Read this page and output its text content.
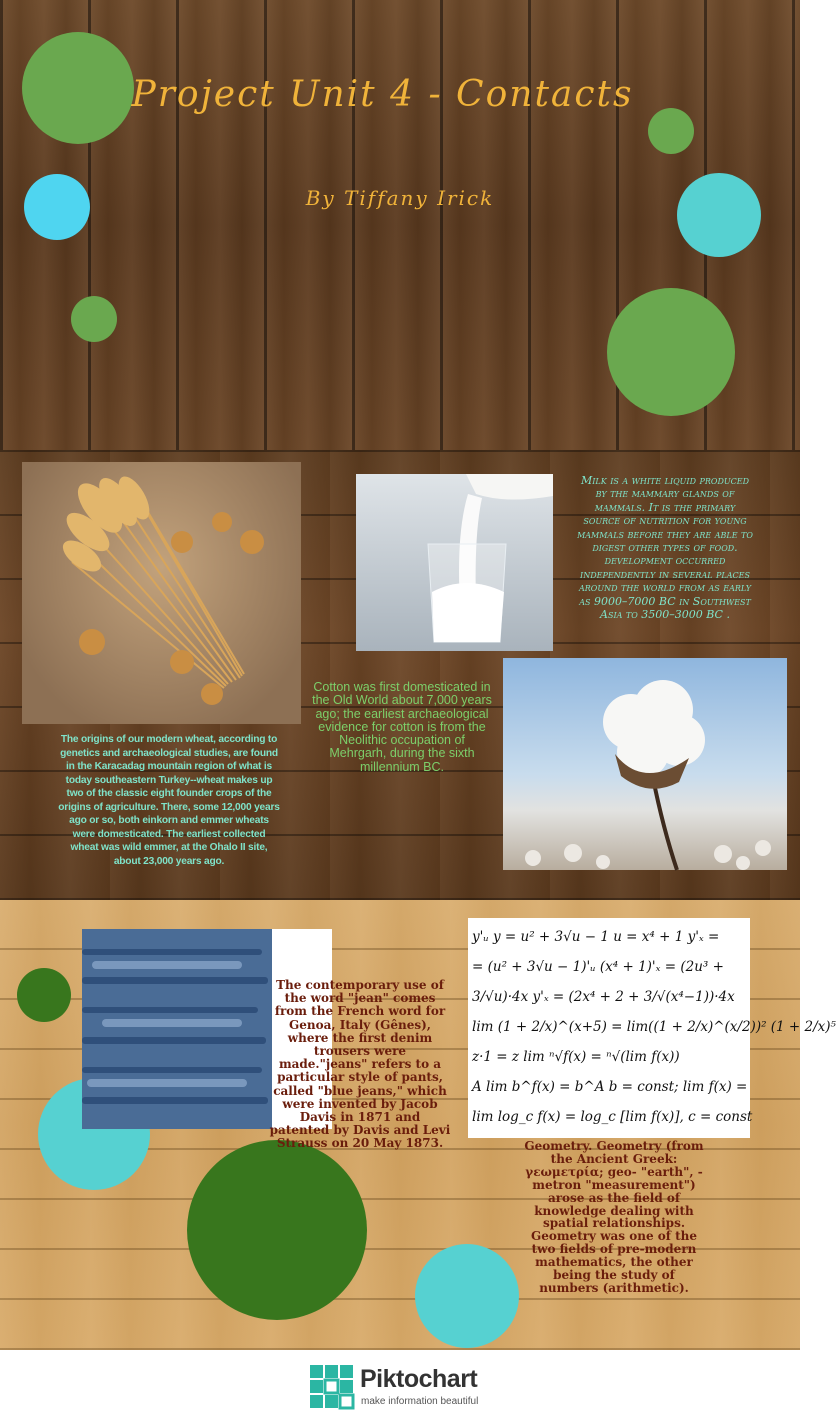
Project Unit 4 - Contacts
By Tiffany Irick
Milk is a white liquid produced by the mammary glands of mammals. It is the primary source of nutrition for young mammals before they are able to digest other types of food. development occurred independently in several places around the world from as early as 9000–7000 BC in Southwest Asia to 3500–3000 BC .
The origins of our modern wheat, according to genetics and archaeological studies, are found in the Karacadag mountain region of what is today southeastern Turkey--wheat makes up two of the classic eight founder crops of the origins of agriculture. There, some 12,000 years ago or so, both einkorn and emmer wheats were domesticated. The earliest collected wheat was wild emmer, at the Ohalo II site, about 23,000 years ago.
Cotton was first domesticated in the Old World about 7,000 years ago; the earliest archaeological evidence for cotton is from the Neolithic occupation of Mehrgarh, during the sixth millennium BC.
The contemporary use of the word "jean" comes from the French word for Genoa, Italy (Gênes), where the first denim trousers were made."jeans" refers to a particular style of pants, called "blue jeans," which were invented by Jacob Davis in 1871 and patented by Davis and Levi Strauss on 20 May 1873.
y'ᵤ y = u² + 3√u − 1 u = x⁴ + 1 y'ₓ =
= (u² + 3√u − 1)'ᵤ (x⁴ + 1)'ₓ = (2u³ +
3/√u)·4x y'ₓ = (2x⁴ + 2 + 3/√(x⁴−1))·4x
lim (1 + 2/x)^(x+5) = lim((1 + 2/x)^(x/2))² (1 + 2/x)⁵
z·1 = z lim ⁿ√f(x) = ⁿ√(lim f(x))
A lim b^f(x) = b^A b = const; lim f(x) =
lim log_c f(x) = log_c [lim f(x)], c = const
Geometry. Geometry (from the Ancient Greek: γεωμετρία; geo- "earth", -metron "measurement") arose as the field of knowledge dealing with spatial relationships. Geometry was one of the two fields of pre-modern mathematics, the other being the study of numbers (arithmetic).
Piktochart
make information beautiful
